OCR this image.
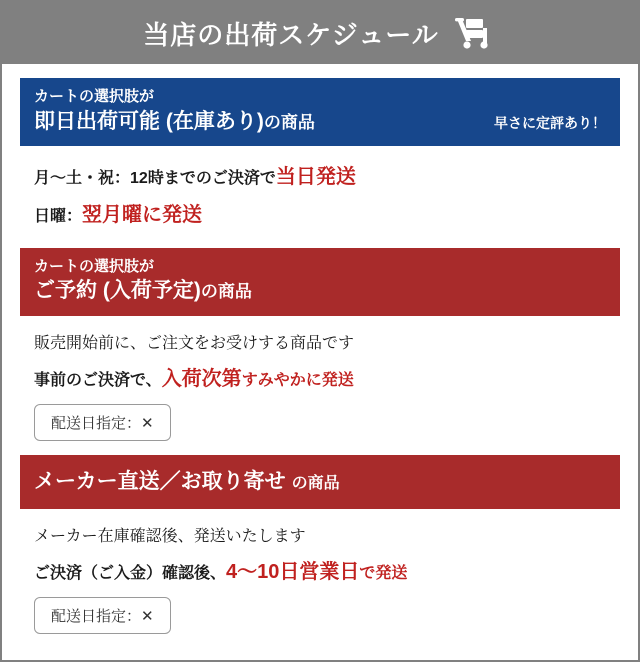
当店の出荷スケジュール
カートの選択肢が
即日出荷可能 (在庫あり)の商品	早さに定評あり！
月〜土・祝：12時までのご決済で当日発送
日曜：翌月曜に発送
カートの選択肢が
ご予約 (入荷予定)の商品
販売開始前に、ご注文をお受けする商品です
事前のご決済で、入荷次第すみやかに発送
配送日指定：✕
メーカー直送／お取り寄せ の商品
メーカー在庫確認後、発送いたします
ご決済（ご入金）確認後、4〜10日営業日で発送
配送日指定：✕
